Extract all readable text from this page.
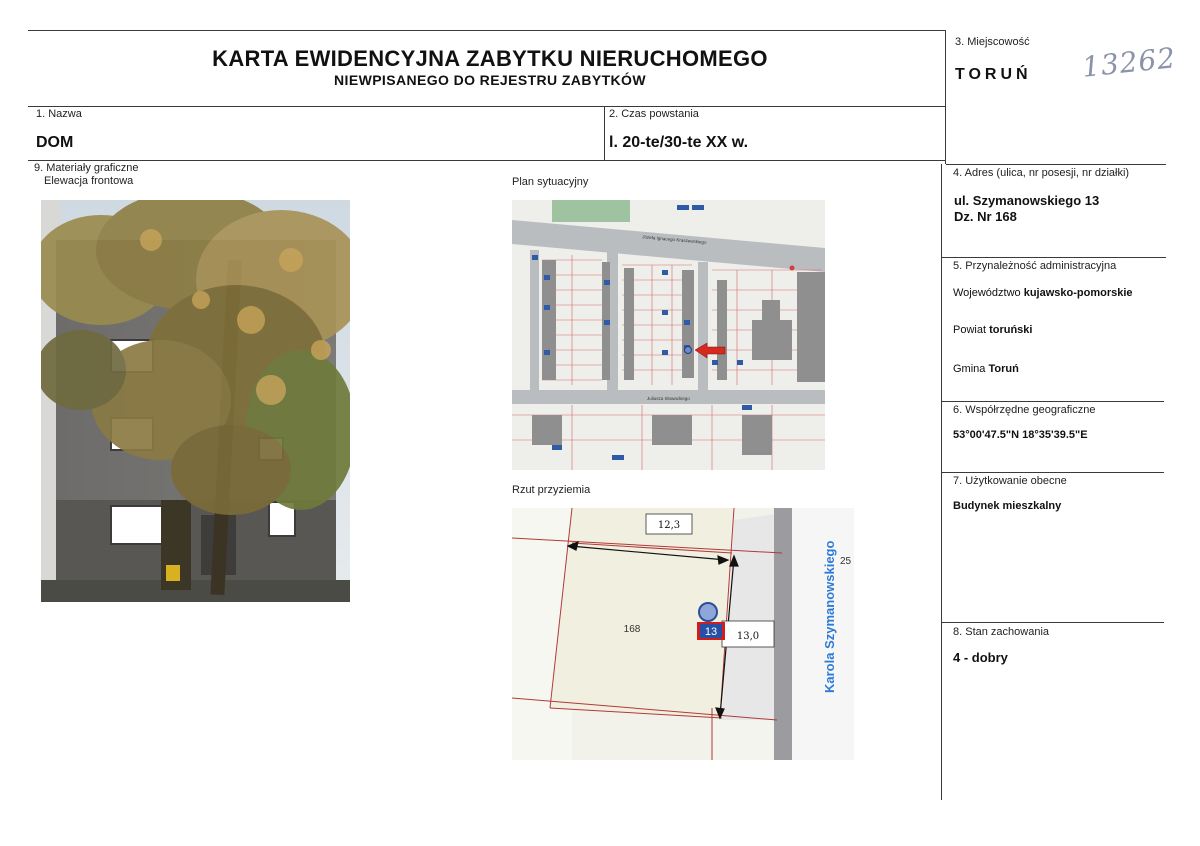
KARTA EWIDENCYJNA ZABYTKU NIERUCHOMEGO
NIEWPISANEGO DO REJESTRU ZABYTKÓW
3. Miejscowość
TORUŃ 13262
1. Nazwa
DOM
2. Czas powstania
l. 20-te/30-te XX w.
9. Materiały graficzne
Elewacja frontowa	Plan sytuacyjny
Józefa Ignacego Kraszewskiego
Juliusza Słowackiego
Rzut przyziemia
12,3
13,0
168	13	Karola Szymanowskiego 25
4. Adres (ulica, nr posesji, nr działki)
ul. Szymanowskiego 13
Dz. Nr 168
5. Przynależność administracyjna
Województwo kujawsko-pomorskie
Powiat toruński
Gmina Toruń
6. Współrzędne geograficzne
53°00'47.5"N 18°35'39.5"E
7. Użytkowanie obecne
Budynek mieszkalny
8. Stan zachowania
4 - dobry
